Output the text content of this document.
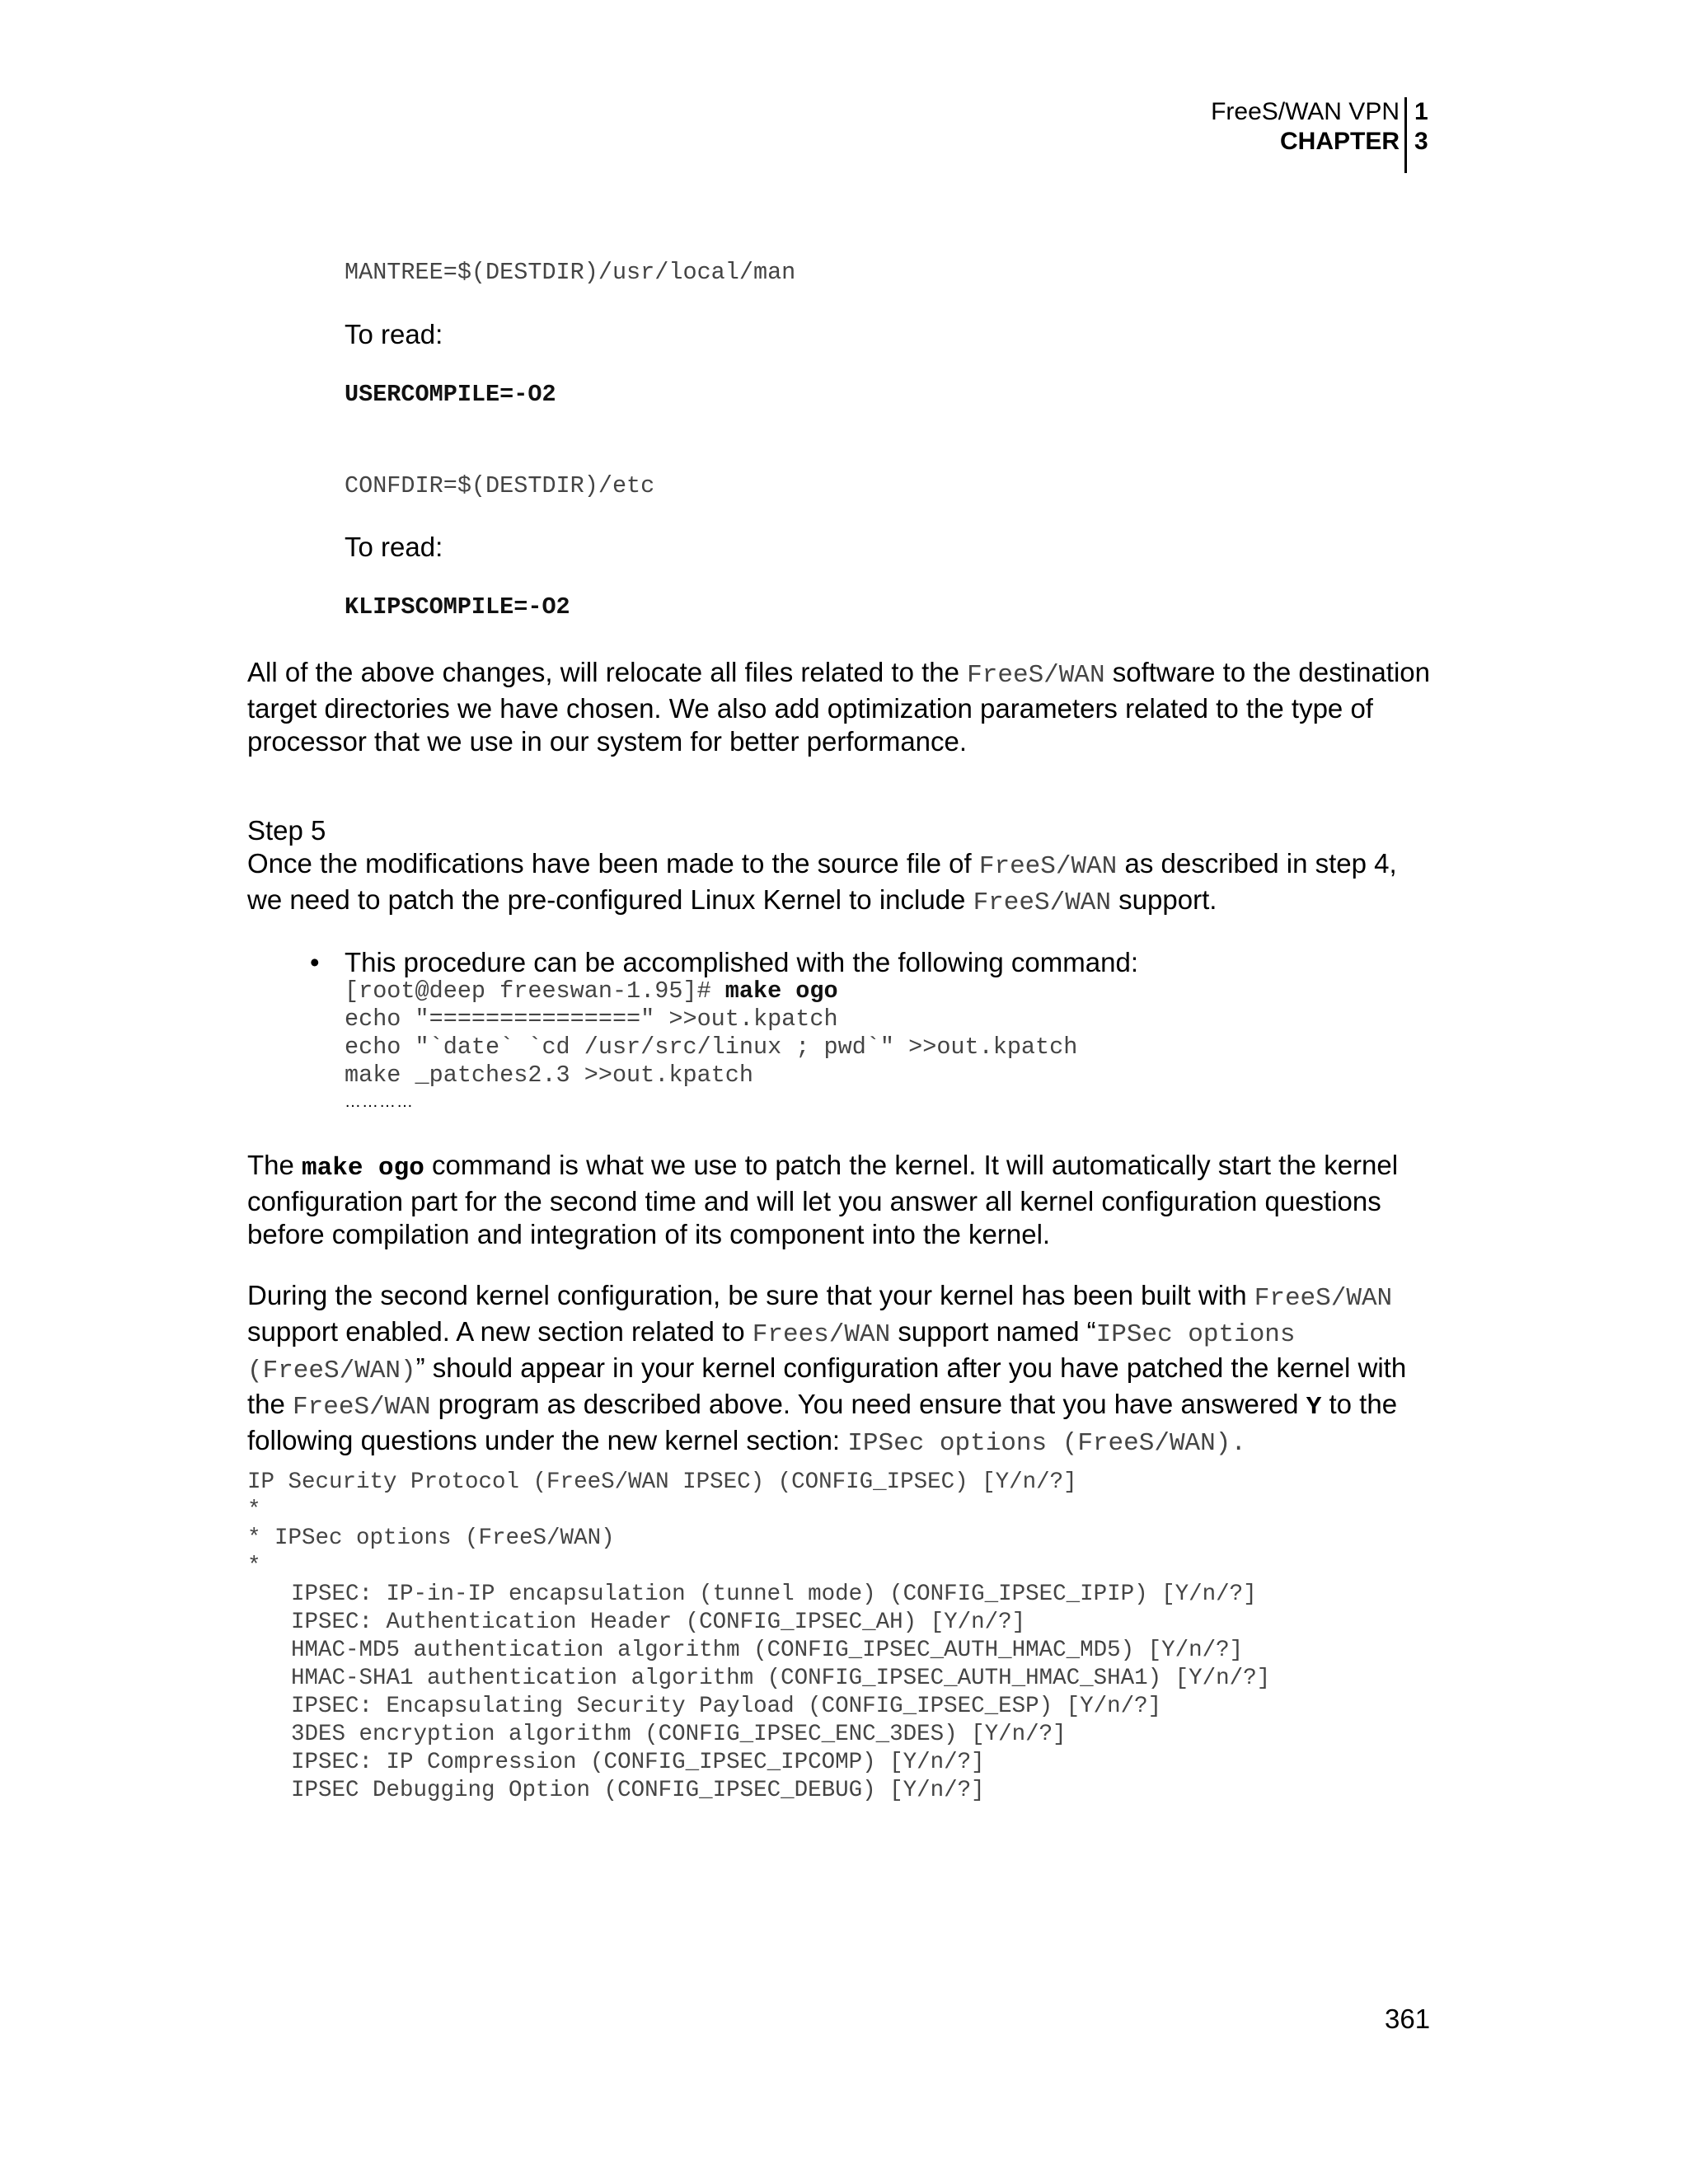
FreeS/WAN VPN
CHAPTER
1
3
MANTREE=$(DESTDIR)/usr/local/man
To read:
USERCOMPILE=-O2
CONFDIR=$(DESTDIR)/etc
To read:
KLIPSCOMPILE=-O2
All of the above changes, will relocate all files related to the FreeS/WAN software to the destination target directories we have chosen. We also add optimization parameters related to the type of processor that we use in our system for better performance.
Step 5
Once the modifications have been made to the source file of FreeS/WAN as described in step 4, we need to patch the pre-configured Linux Kernel to include FreeS/WAN support.
• This procedure can be accomplished with the following command:
[root@deep freeswan-1.95]# make ogo
echo "===============" >>out.kpatch
echo "`date` `cd /usr/src/linux ; pwd`" >>out.kpatch
make _patches2.3 >>out.kpatch
…………
The make ogo command is what we use to patch the kernel. It will automatically start the kernel configuration part for the second time and will let you answer all kernel configuration questions before compilation and integration of its component into the kernel.
During the second kernel configuration, be sure that your kernel has been built with FreeS/WAN support enabled. A new section related to Frees/WAN support named “IPSec options (FreeS/WAN)” should appear in your kernel configuration after you have patched the kernel with the FreeS/WAN program as described above. You need ensure that you have answered Y to the following questions under the new kernel section: IPSec options (FreeS/WAN).
IP Security Protocol (FreeS/WAN IPSEC) (CONFIG_IPSEC) [Y/n/?]
*
* IPSec options (FreeS/WAN)
*
IPSEC: IP-in-IP encapsulation (tunnel mode) (CONFIG_IPSEC_IPIP) [Y/n/?]
IPSEC: Authentication Header (CONFIG_IPSEC_AH) [Y/n/?]
HMAC-MD5 authentication algorithm (CONFIG_IPSEC_AUTH_HMAC_MD5) [Y/n/?]
HMAC-SHA1 authentication algorithm (CONFIG_IPSEC_AUTH_HMAC_SHA1) [Y/n/?]
IPSEC: Encapsulating Security Payload (CONFIG_IPSEC_ESP) [Y/n/?]
3DES encryption algorithm (CONFIG_IPSEC_ENC_3DES) [Y/n/?]
IPSEC: IP Compression (CONFIG_IPSEC_IPCOMP) [Y/n/?]
IPSEC Debugging Option (CONFIG_IPSEC_DEBUG) [Y/n/?]
361
